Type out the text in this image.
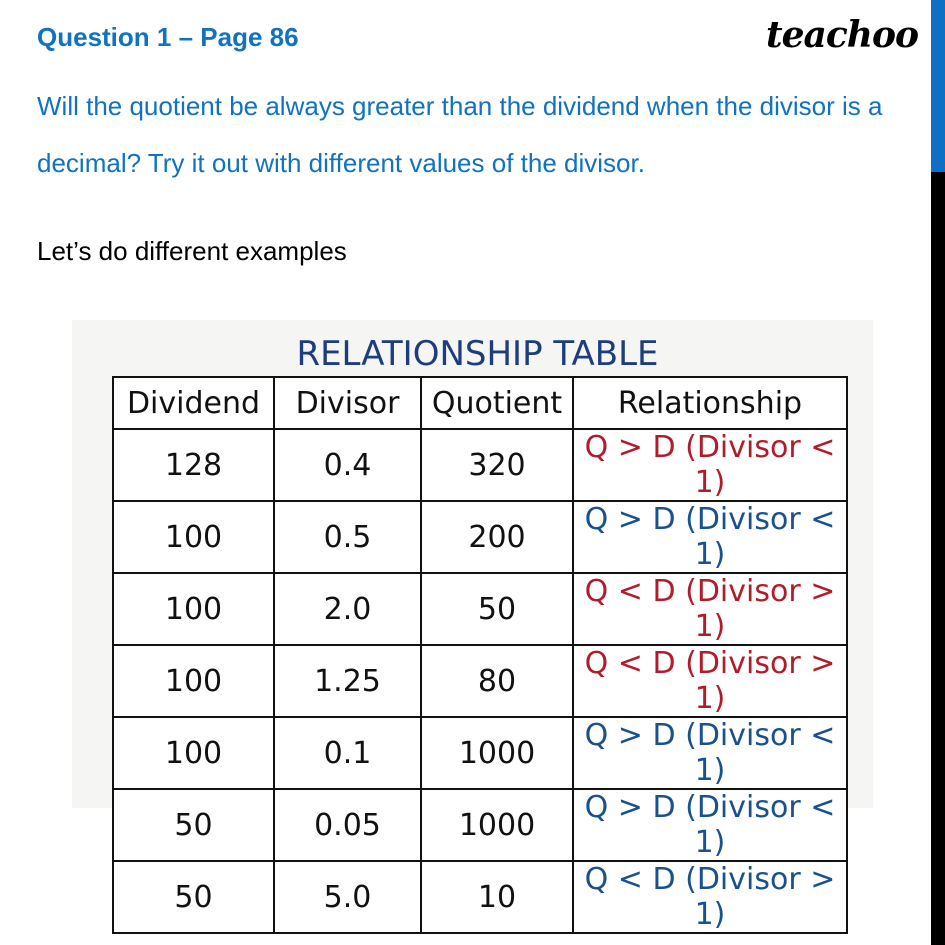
Question 1 – Page 86	teachoo
Will the quotient be always greater than the dividend when the divisor is a decimal? Try it out with different values of the divisor.
Let’s do different examples
RELATIONSHIP TABLE
Dividend	Divisor	Quotient	Relationship
128	0.4	320	Q > D (Divisor < 1)
100	0.5	200	Q > D (Divisor < 1)
100	2.0	50	Q < D (Divisor > 1)
100	1.25	80	Q < D (Divisor > 1)
100	0.1	1000	Q > D (Divisor < 1)
50	0.05	1000	Q > D (Divisor < 1)
50	5.0	10	Q < D (Divisor > 1)
